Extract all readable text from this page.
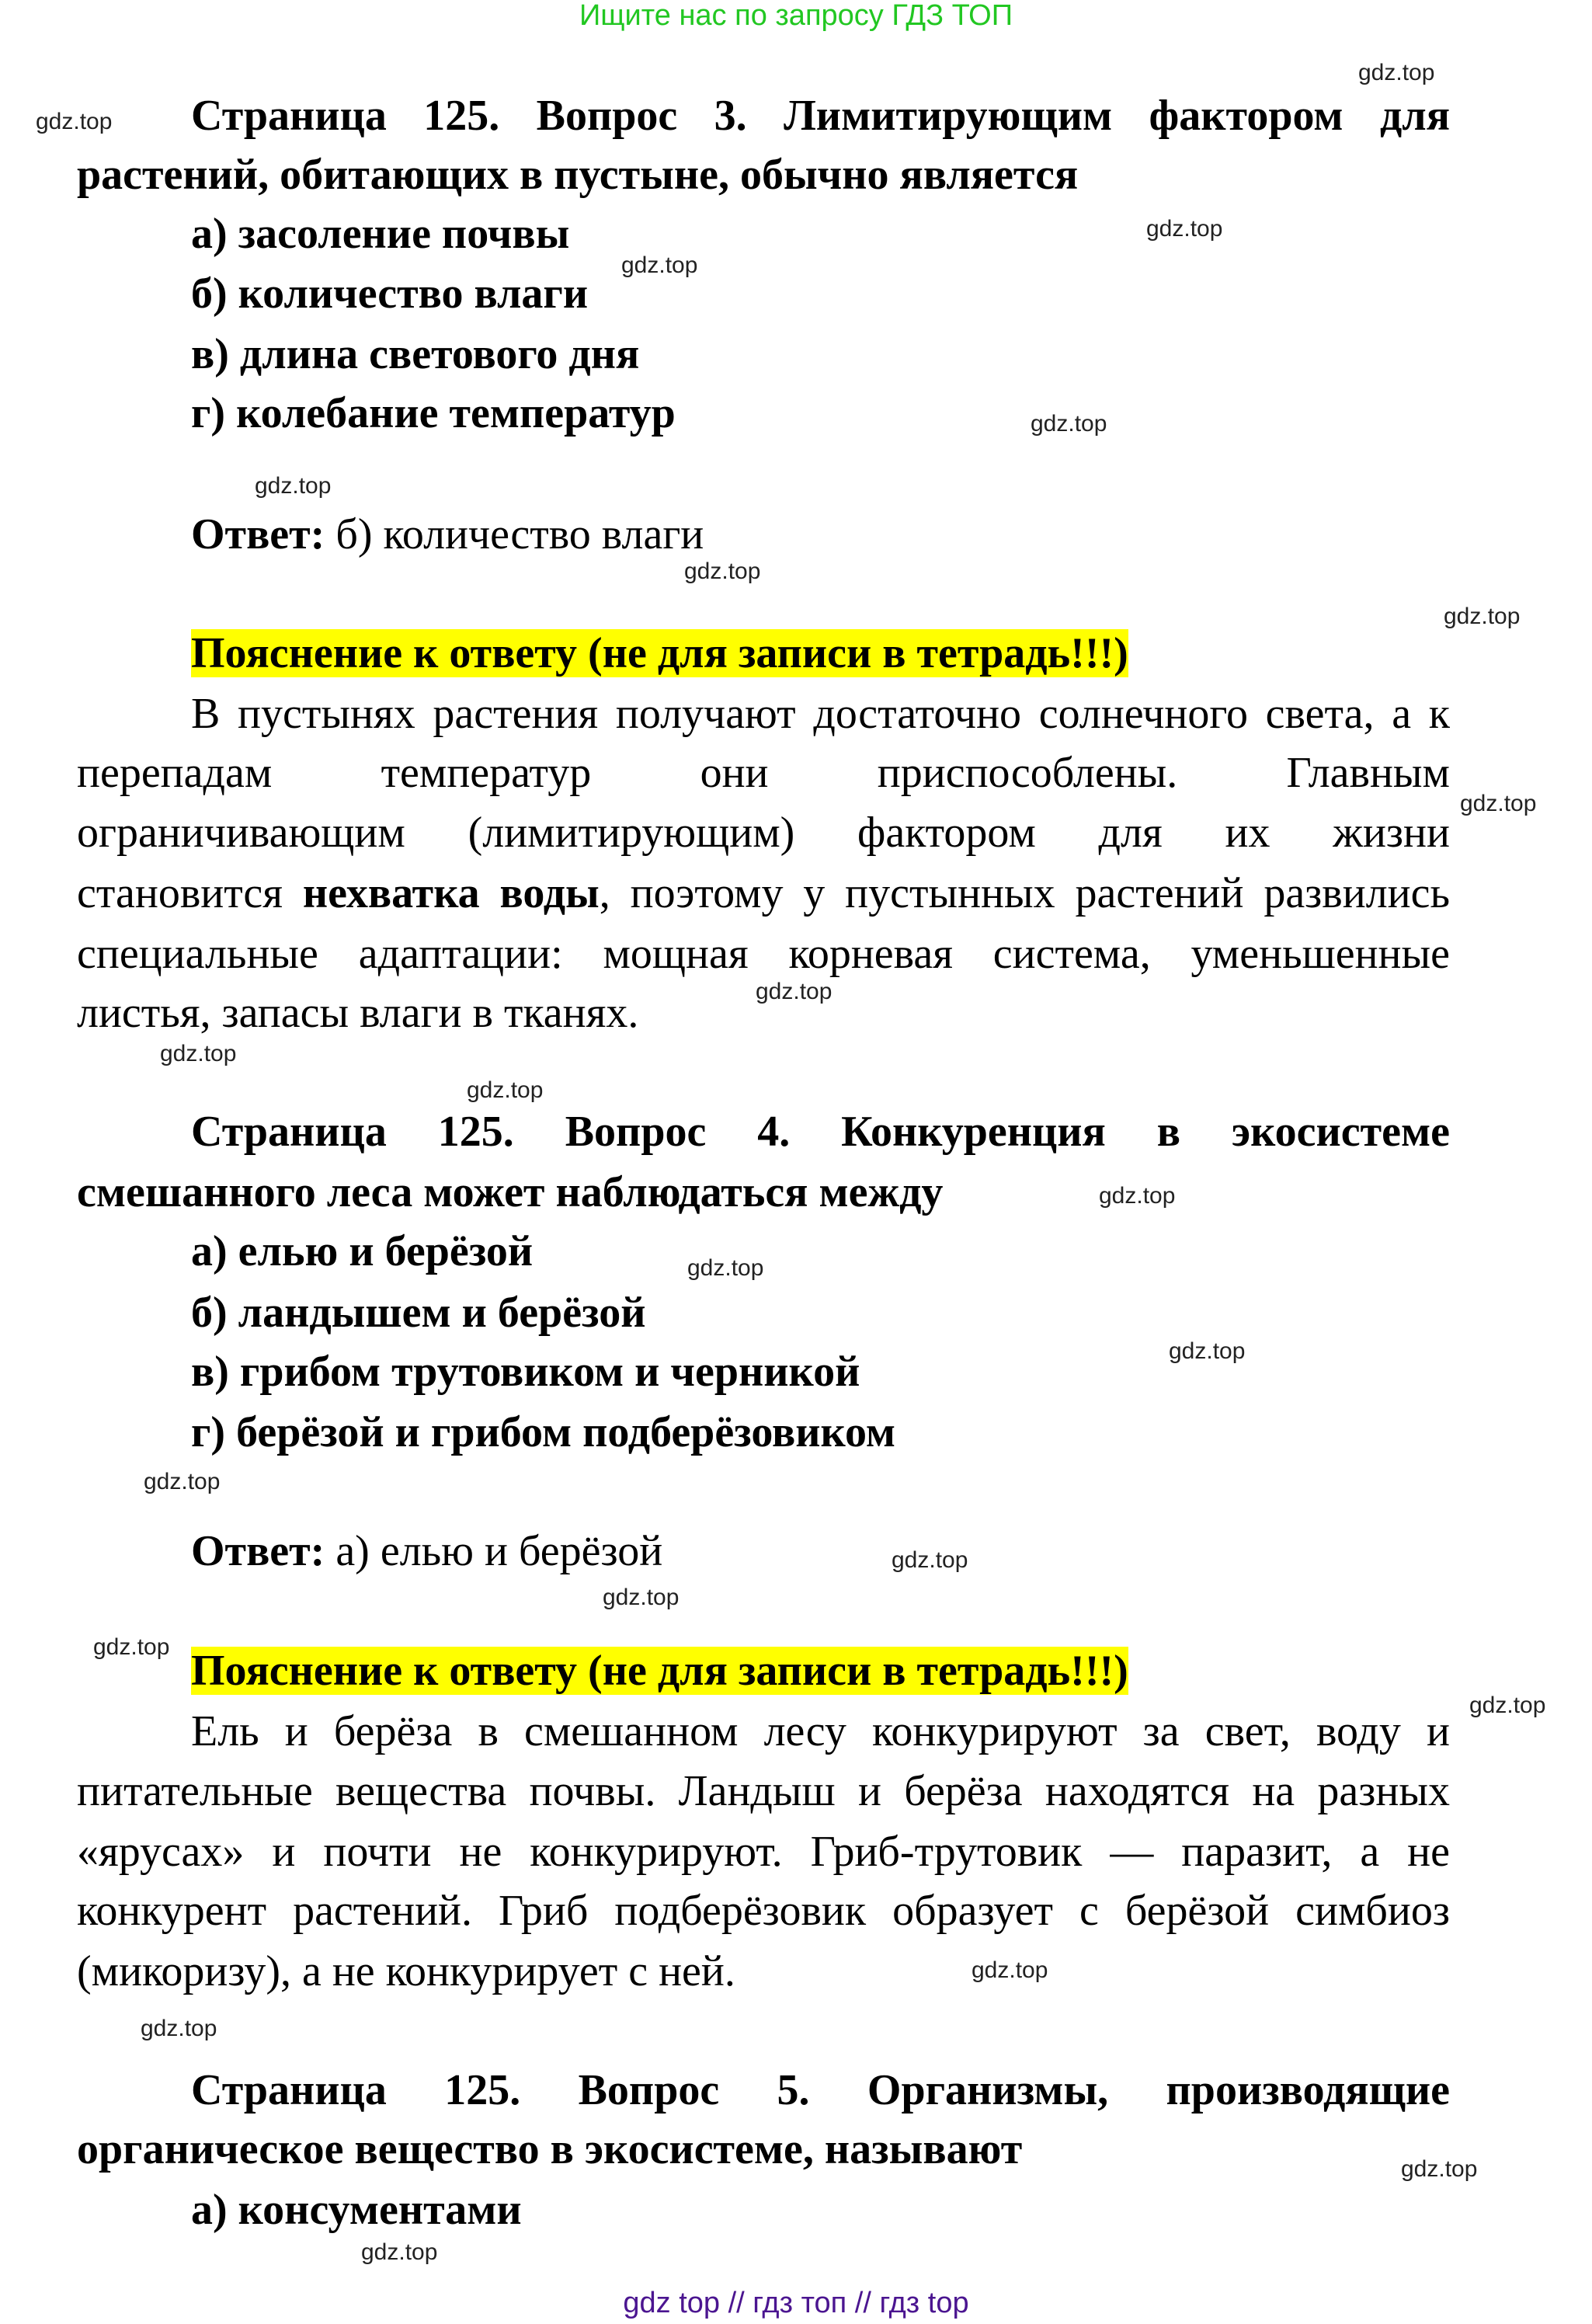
Ищите нас по запросу ГДЗ ТОП
Страница 125. Вопрос 3. Лимитирующим фактором для
растений, обитающих в пустыне, обычно является
а) засоление почвы
б) количество влаги
в) длина светового дня
г) колебание температур
Ответ: б) количество влаги
Пояснение к ответу (не для записи в тетрадь!!!)
В пустынях растения получают достаточно солнечного света, а к
перепадам температур они приспособлены. Главным
ограничивающим (лимитирующим) фактором для их жизни
становится нехватка воды, поэтому у пустынных растений развились
специальные адаптации: мощная корневая система, уменьшенные
листья, запасы влаги в тканях.
Страница 125. Вопрос 4. Конкуренция в экосистеме
смешанного леса может наблюдаться между
а) елью и берёзой
б) ландышем и берёзой
в) грибом трутовиком и черникой
г) берёзой и грибом подберёзовиком
Ответ: а) елью и берёзой
Пояснение к ответу (не для записи в тетрадь!!!)
Ель и берёза в смешанном лесу конкурируют за свет, воду и
питательные вещества почвы. Ландыш и берёза находятся на разных
«ярусах» и почти не конкурируют. Гриб-трутовик — паразит, а не
конкурент растений. Гриб подберёзовик образует с берёзой симбиоз
(микоризу), а не конкурирует с ней.
Страница 125. Вопрос 5. Организмы, производящие
органическое вещество в экосистеме, называют
а) консументами
gdz.top
gdz.top
gdz.top
gdz.top
gdz.top
gdz.top
gdz.top
gdz.top
gdz.top
gdz.top
gdz.top
gdz.top
gdz.top
gdz.top
gdz.top
gdz.top
gdz.top
gdz.top
gdz.top
gdz.top
gdz.top
gdz.top
gdz.top
gdz.top
gdz top // гдз топ // гдз top
